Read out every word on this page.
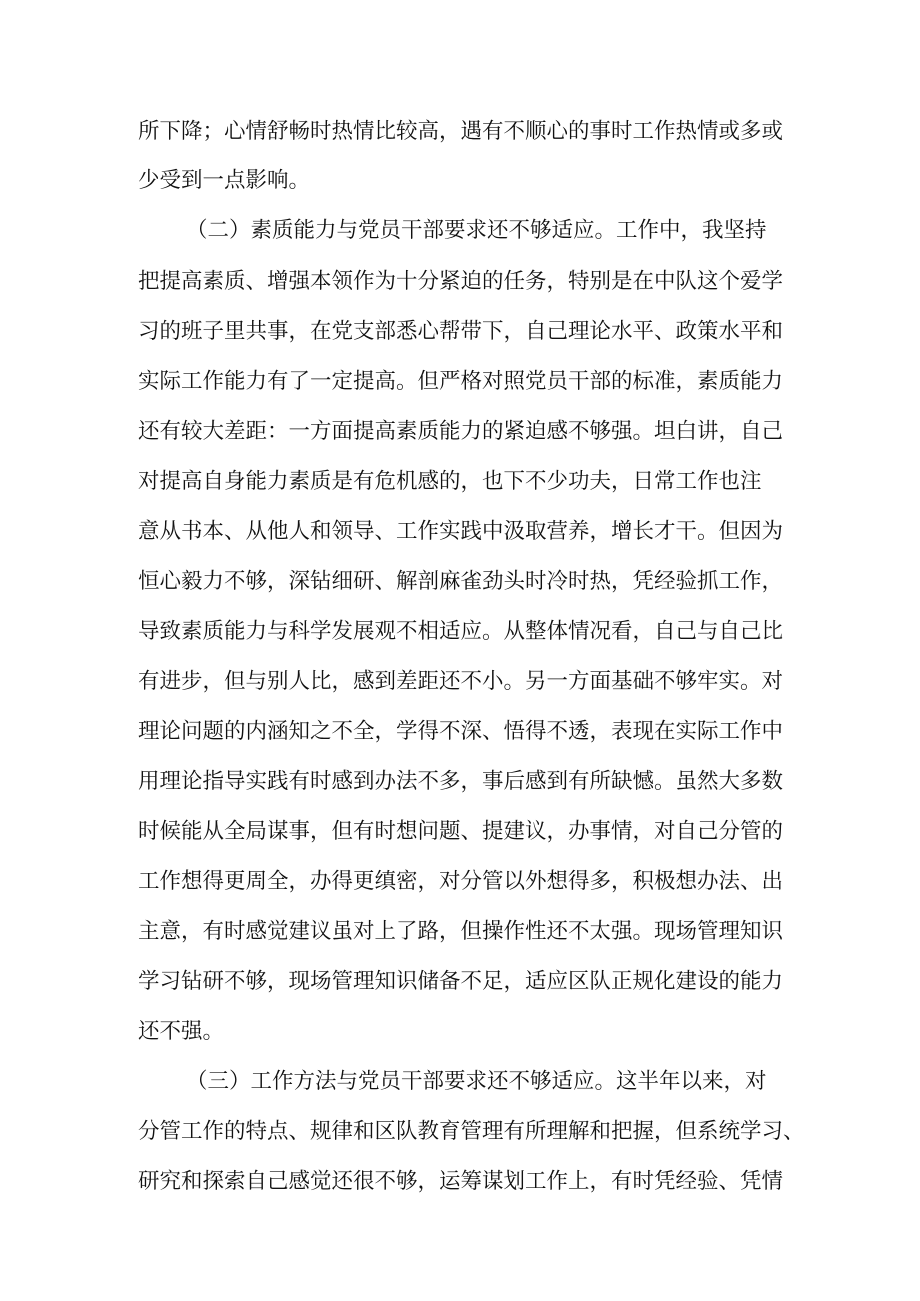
所下降；心情舒畅时热情比较高，遇有不顺心的事时工作热情或多或
少受到一点影响。
（二）素质能力与党员干部要求还不够适应。工作中，我坚持
把提高素质、增强本领作为十分紧迫的任务，特别是在中队这个爱学
习的班子里共事，在党支部悉心帮带下，自己理论水平、政策水平和
实际工作能力有了一定提高。但严格对照党员干部的标准，素质能力
还有较大差距：一方面提高素质能力的紧迫感不够强。坦白讲，自己
对提高自身能力素质是有危机感的，也下不少功夫，日常工作也注
意从书本、从他人和领导、工作实践中汲取营养，增长才干。但因为
恒心毅力不够，深钻细研、解剖麻雀劲头时冷时热，凭经验抓工作，
导致素质能力与科学发展观不相适应。从整体情况看，自己与自己比
有进步，但与别人比，感到差距还不小。另一方面基础不够牢实。对
理论问题的内涵知之不全，学得不深、悟得不透，表现在实际工作中
用理论指导实践有时感到办法不多，事后感到有所缺憾。虽然大多数
时候能从全局谋事，但有时想问题、提建议，办事情，对自己分管的
工作想得更周全，办得更缜密，对分管以外想得多，积极想办法、出
主意，有时感觉建议虽对上了路，但操作性还不太强。现场管理知识
学习钻研不够，现场管理知识储备不足，适应区队正规化建设的能力
还不强。
（三）工作方法与党员干部要求还不够适应。这半年以来，对
分管工作的特点、规律和区队教育管理有所理解和把握，但系统学习、
研究和探索自己感觉还很不够，运筹谋划工作上，有时凭经验、凭情
